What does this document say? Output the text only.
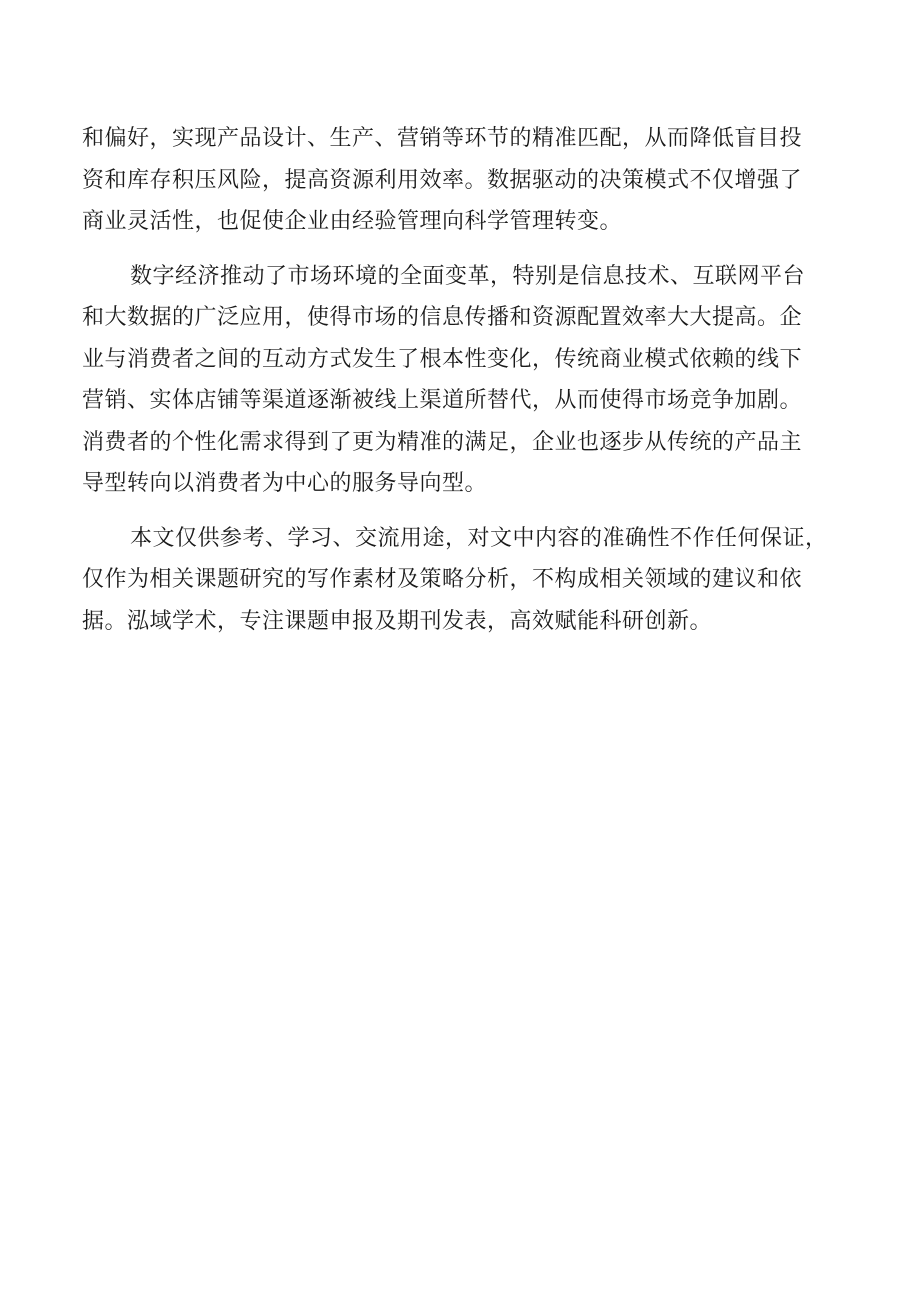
和偏好，实现产品设计、生产、营销等环节的精准匹配，从而降低盲目投
资和库存积压风险，提高资源利用效率。数据驱动的决策模式不仅增强了
商业灵活性，也促使企业由经验管理向科学管理转变。

数字经济推动了市场环境的全面变革，特别是信息技术、互联网平台
和大数据的广泛应用，使得市场的信息传播和资源配置效率大大提高。企
业与消费者之间的互动方式发生了根本性变化，传统商业模式依赖的线下
营销、实体店铺等渠道逐渐被线上渠道所替代，从而使得市场竞争加剧。
消费者的个性化需求得到了更为精准的满足，企业也逐步从传统的产品主
导型转向以消费者为中心的服务导向型。

本文仅供参考、学习、交流用途，对文中内容的准确性不作任何保证，
仅作为相关课题研究的写作素材及策略分析，不构成相关领域的建议和依
据。泓域学术，专注课题申报及期刊发表，高效赋能科研创新。
